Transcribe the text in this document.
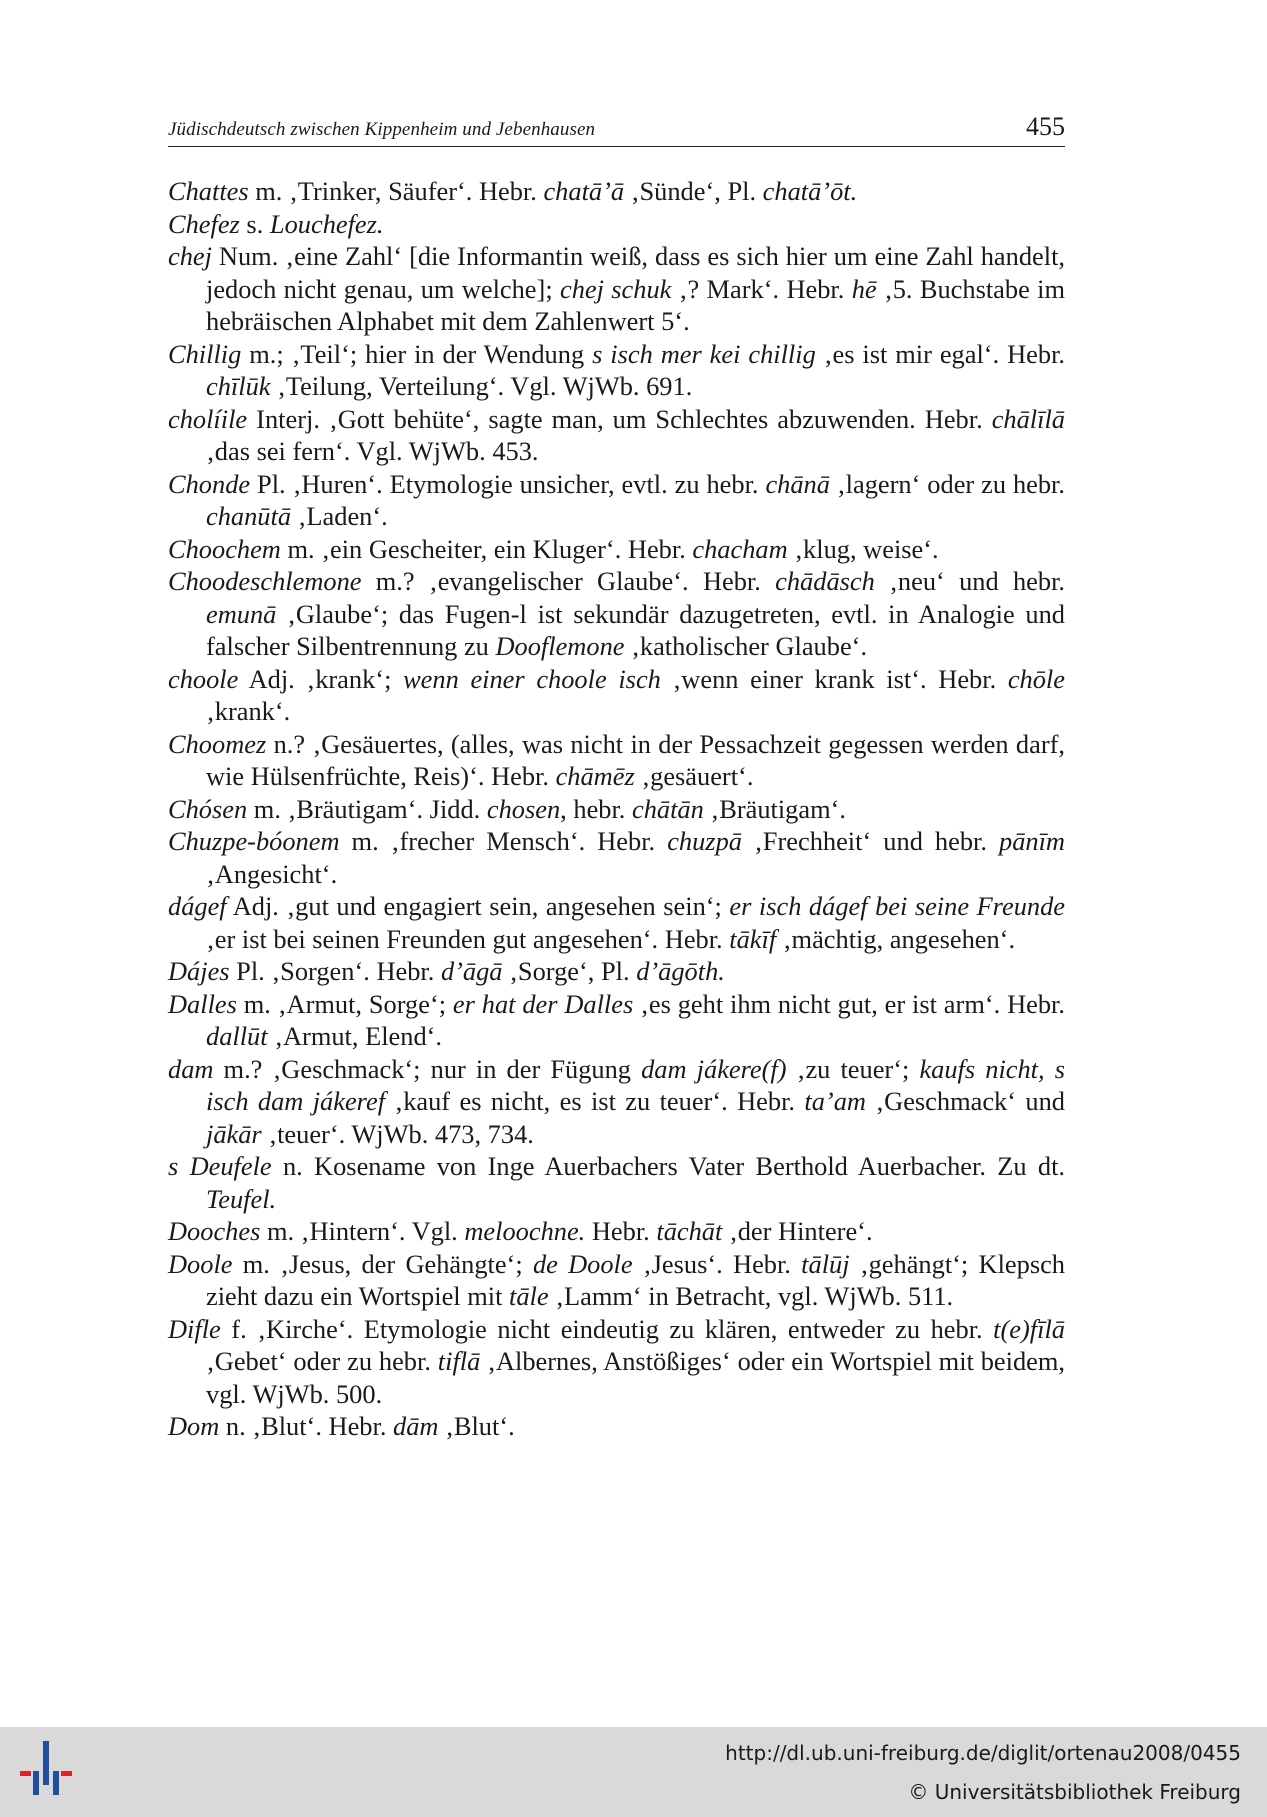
Jüdischdeutsch zwischen Kippenheim und Jebenhausen	455
Chattes m. ‚Trinker, Säufer‘. Hebr. chatāʼā ‚Sünde‘, Pl. chatāʼōt.
Chefez s. Louchefez.
chej Num. ‚eine Zahl‘ [die Informantin weiß, dass es sich hier um eine Zahl handelt, jedoch nicht genau, um welche]; chej schuk ‚? Mark‘. Hebr. hē ‚5. Buchstabe im hebräischen Alphabet mit dem Zahlenwert 5‘.
Chillig m.; ‚Teil‘; hier in der Wendung s isch mer kei chillig ‚es ist mir egal‘. Hebr. chīlūk ‚Teilung, Verteilung‘. Vgl. WjWb. 691.
cholíile Interj. ‚Gott behüte‘, sagte man, um Schlechtes abzuwenden. Hebr. chālīlā ‚das sei fern‘. Vgl. WjWb. 453.
Chonde Pl. ‚Huren‘. Etymologie unsicher, evtl. zu hebr. chānā ‚lagern‘ oder zu hebr. chanūtā ‚Laden‘.
Choochem m. ‚ein Gescheiter, ein Kluger‘. Hebr. chacham ‚klug, weise‘.
Choodeschlemone m.? ‚evangelischer Glaube‘. Hebr. chādāsch ‚neu‘ und hebr. emunā ‚Glaube‘; das Fugen-l ist sekundär dazugetreten, evtl. in Analogie und falscher Silbentrennung zu Dooflemone ‚katholischer Glaube‘.
choole Adj. ‚krank‘; wenn einer choole isch ‚wenn einer krank ist‘. Hebr. chōle ‚krank‘.
Choomez n.? ‚Gesäuertes, (alles, was nicht in der Pessachzeit gegessen werden darf, wie Hülsenfrüchte, Reis)‘. Hebr. chāmēz ‚gesäuert‘.
Chósen m. ‚Bräutigam‘. Jidd. chosen, hebr. chātān ‚Bräutigam‘.
Chuzpe-bóonem m. ‚frecher Mensch‘. Hebr. chuzpā ‚Frechheit‘ und hebr. pānīm ‚Angesicht‘.
dágef Adj. ‚gut und engagiert sein, angesehen sein‘; er isch dágef bei seine Freunde ‚er ist bei seinen Freunden gut angesehen‘. Hebr. tākīf ‚mächtig, angesehen‘.
Dájes Pl. ‚Sorgen‘. Hebr. dʼāgā ‚Sorge‘, Pl. dʼāgōth.
Dalles m. ‚Armut, Sorge‘; er hat der Dalles ‚es geht ihm nicht gut, er ist arm‘. Hebr. dallūt ‚Armut, Elend‘.
dam m.? ‚Geschmack‘; nur in der Fügung dam jákere(f) ‚zu teuer‘; kaufs nicht, s isch dam jákeref ‚kauf es nicht, es ist zu teuer‘. Hebr. taʼam ‚Geschmack‘ und jākār ‚teuer‘. WjWb. 473, 734.
s Deufele n. Kosename von Inge Auerbachers Vater Berthold Auerbacher. Zu dt. Teufel.
Dooches m. ‚Hintern‘. Vgl. meloochne. Hebr. tāchāt ‚der Hintere‘.
Doole m. ‚Jesus, der Gehängte‘; de Doole ‚Jesus‘. Hebr. tālūj ‚gehängt‘; Klepsch zieht dazu ein Wortspiel mit tāle ‚Lamm‘ in Betracht, vgl. WjWb. 511.
Difle f. ‚Kirche‘. Etymologie nicht eindeutig zu klären, entweder zu hebr. t(e)fīlā ‚Gebet‘ oder zu hebr. tiflā ‚Albernes, Anstößiges‘ oder ein Wortspiel mit beidem, vgl. WjWb. 500.
Dom n. ‚Blut‘. Hebr. dām ‚Blut‘.
http://dl.ub.uni-freiburg.de/diglit/ortenau2008/0455
© Universitätsbibliothek Freiburg
